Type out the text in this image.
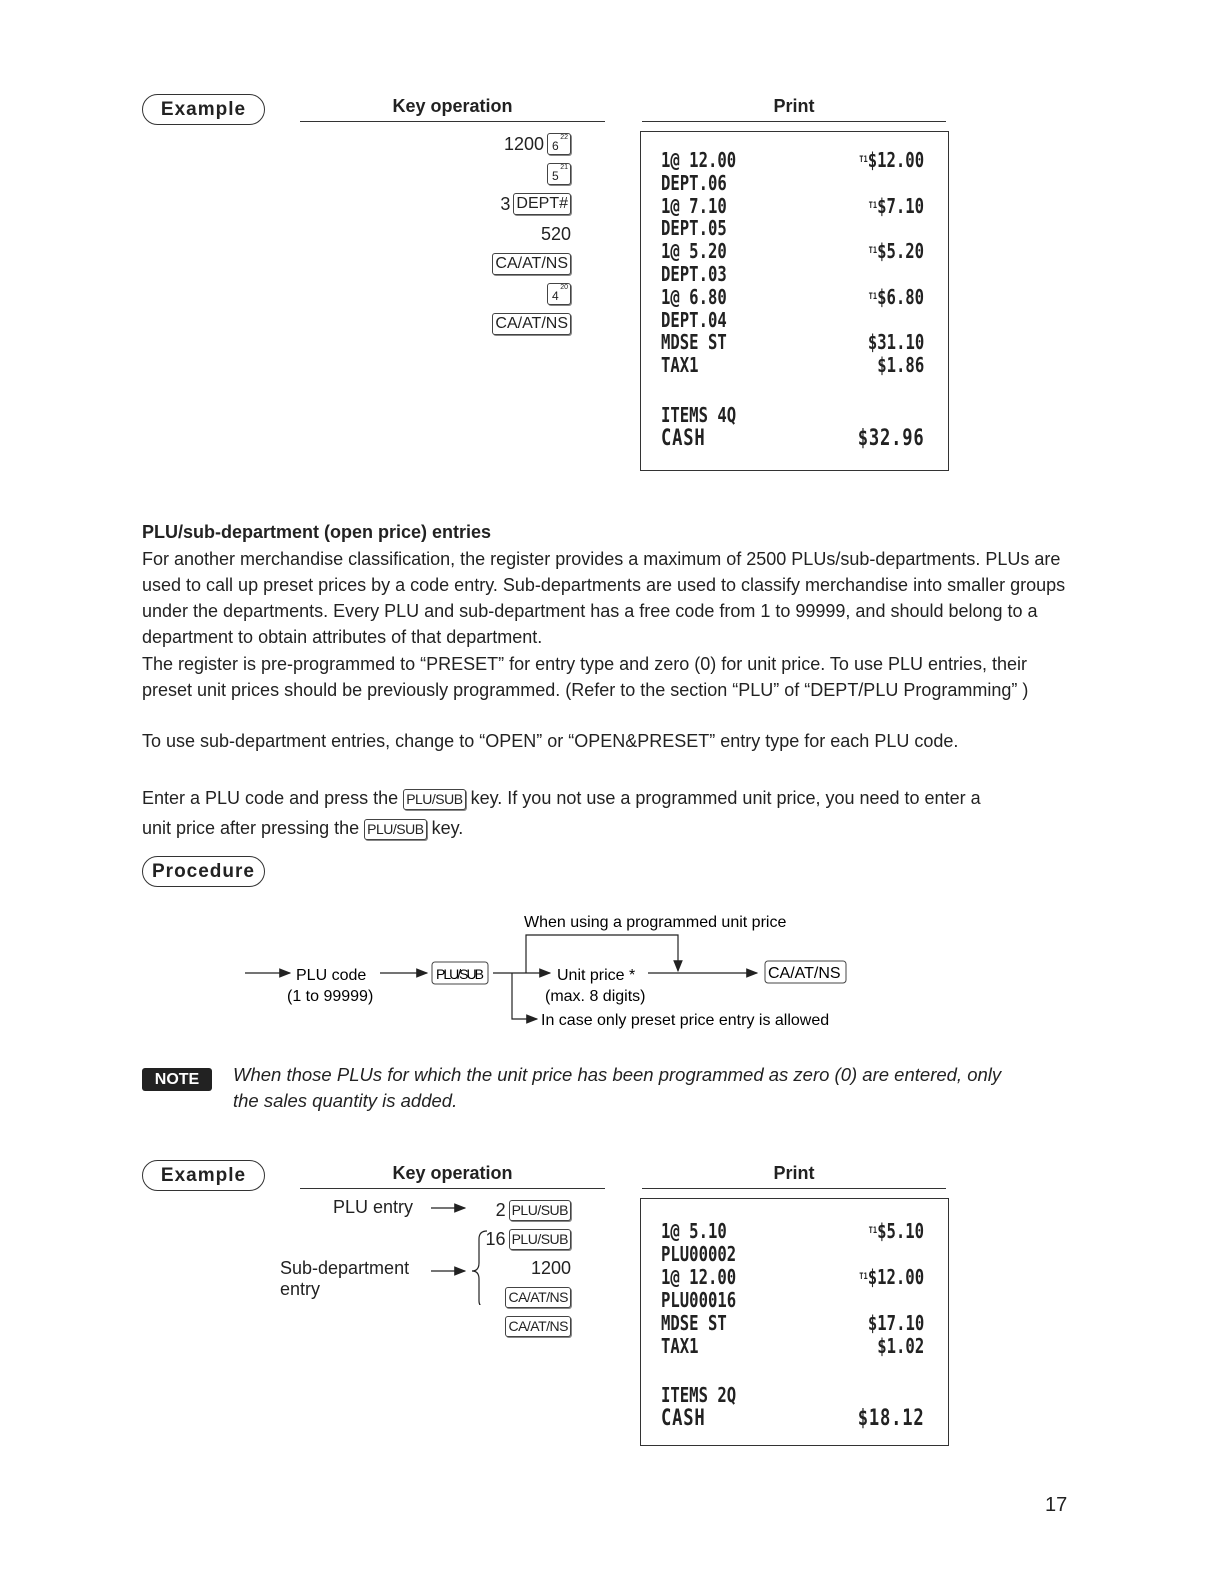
Example	Key operation	Print
1200 6
22
5
21
3 DEPT#
520
CA/AT/NS
4
20
CA/AT/NS
1@ 12.00	$^{T1}$\$12.00
DEPT.06
1@ 7.10	$^{T1}$\$7.10
DEPT.05
1@ 5.20	$^{T1}$\$5.20
DEPT.03
1@ 6.80	$^{T1}$\$6.80
DEPT.04
MDSE ST	$31.10
TAX1	$1.86
ITEMS 4Q
CASH	$32.96
PLU/sub-department (open price) entries
For another merchandise classification, the register provides a maximum of 2500 PLUs/sub-departments. PLUs are used to call up preset prices by a code entry. Sub-departments are used to classify merchandise into smaller groups under the departments. Every PLU and sub-department has a free code from 1 to 99999, and should belong to a department to obtain attributes of that department.
The register is pre-programmed to “PRESET” for entry type and zero (0) for unit price. To use PLU entries, their preset unit prices should be previously programmed. (Refer to the section “PLU” of “DEPT/PLU Programming” )
To use sub-department entries, change to “OPEN” or “OPEN&PRESET” entry type for each PLU code.
Enter a PLU code and press the PLU/SUB key. If you not use a programmed unit price, you need to enter a
unit price after pressing the PLU/SUB key.
Procedure
When using a programmed unit price
PLU code
(1 to 99999)
PLU/SUB	Unit price *
(max. 8 digits)
In case only preset price entry is allowed
CA/AT/NS
NOTE	When those PLUs for which the unit price has been programmed as zero (0) are entered, only
the sales quantity is added.
Example	Key operation	Print
PLU entry
Sub-department
entry
2 PLU/SUB
16 PLU/SUB
1200
CA/AT/NS
CA/AT/NS
1@ 5.10	$^{T1}$\$5.10
PLU00002
1@ 12.00	$^{T1}$\$12.00
PLU00016
MDSE ST	$17.10
TAX1	$1.02
ITEMS 2Q
CASH	$18.12
17
